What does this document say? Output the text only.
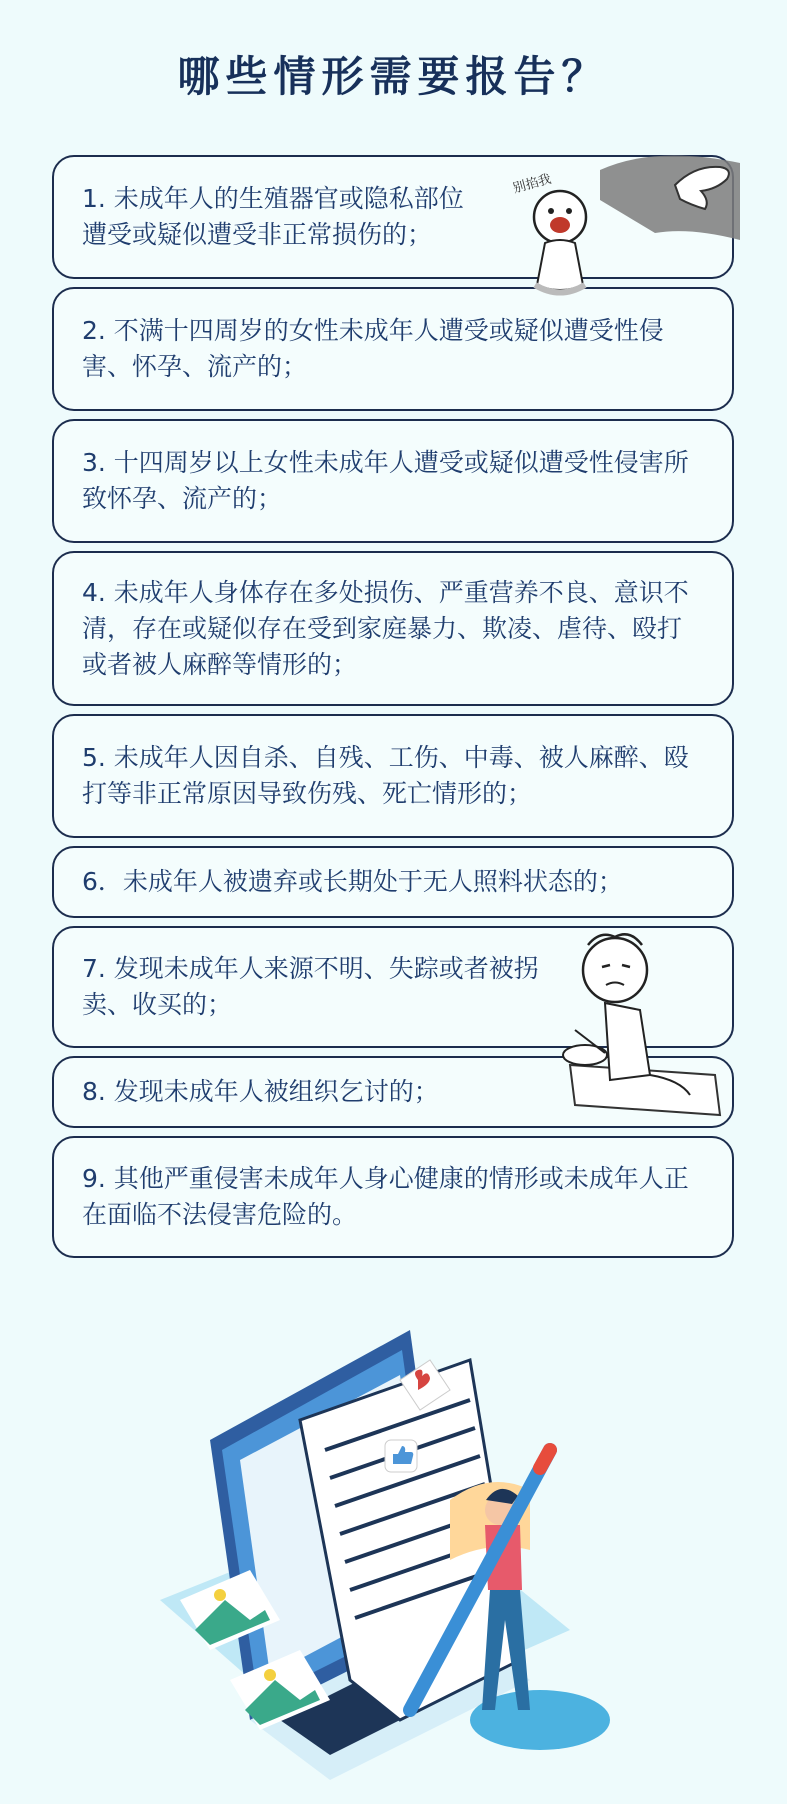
哪些情形需要报告？
1. 未成年人的生殖器官或隐私部位遭受或疑似遭受非正常损伤的；
2. 不满十四周岁的女性未成年人遭受或疑似遭受性侵害、怀孕、流产的；
3. 十四周岁以上女性未成年人遭受或疑似遭受性侵害所致怀孕、流产的；
4. 未成年人身体存在多处损伤、严重营养不良、意识不清，存在或疑似存在受到家庭暴力、欺凌、虐待、殴打或者被人麻醉等情形的；
5. 未成年人因自杀、自残、工伤、中毒、被人麻醉、殴打等非正常原因导致伤残、死亡情形的；
6．未成年人被遗弃或长期处于无人照料状态的；
7. 发现未成年人来源不明、失踪或者被拐卖、收买的；
8. 发现未成年人被组织乞讨的；
9. 其他严重侵害未成年人身心健康的情形或未成年人正在面临不法侵害危险的。
别掐我
